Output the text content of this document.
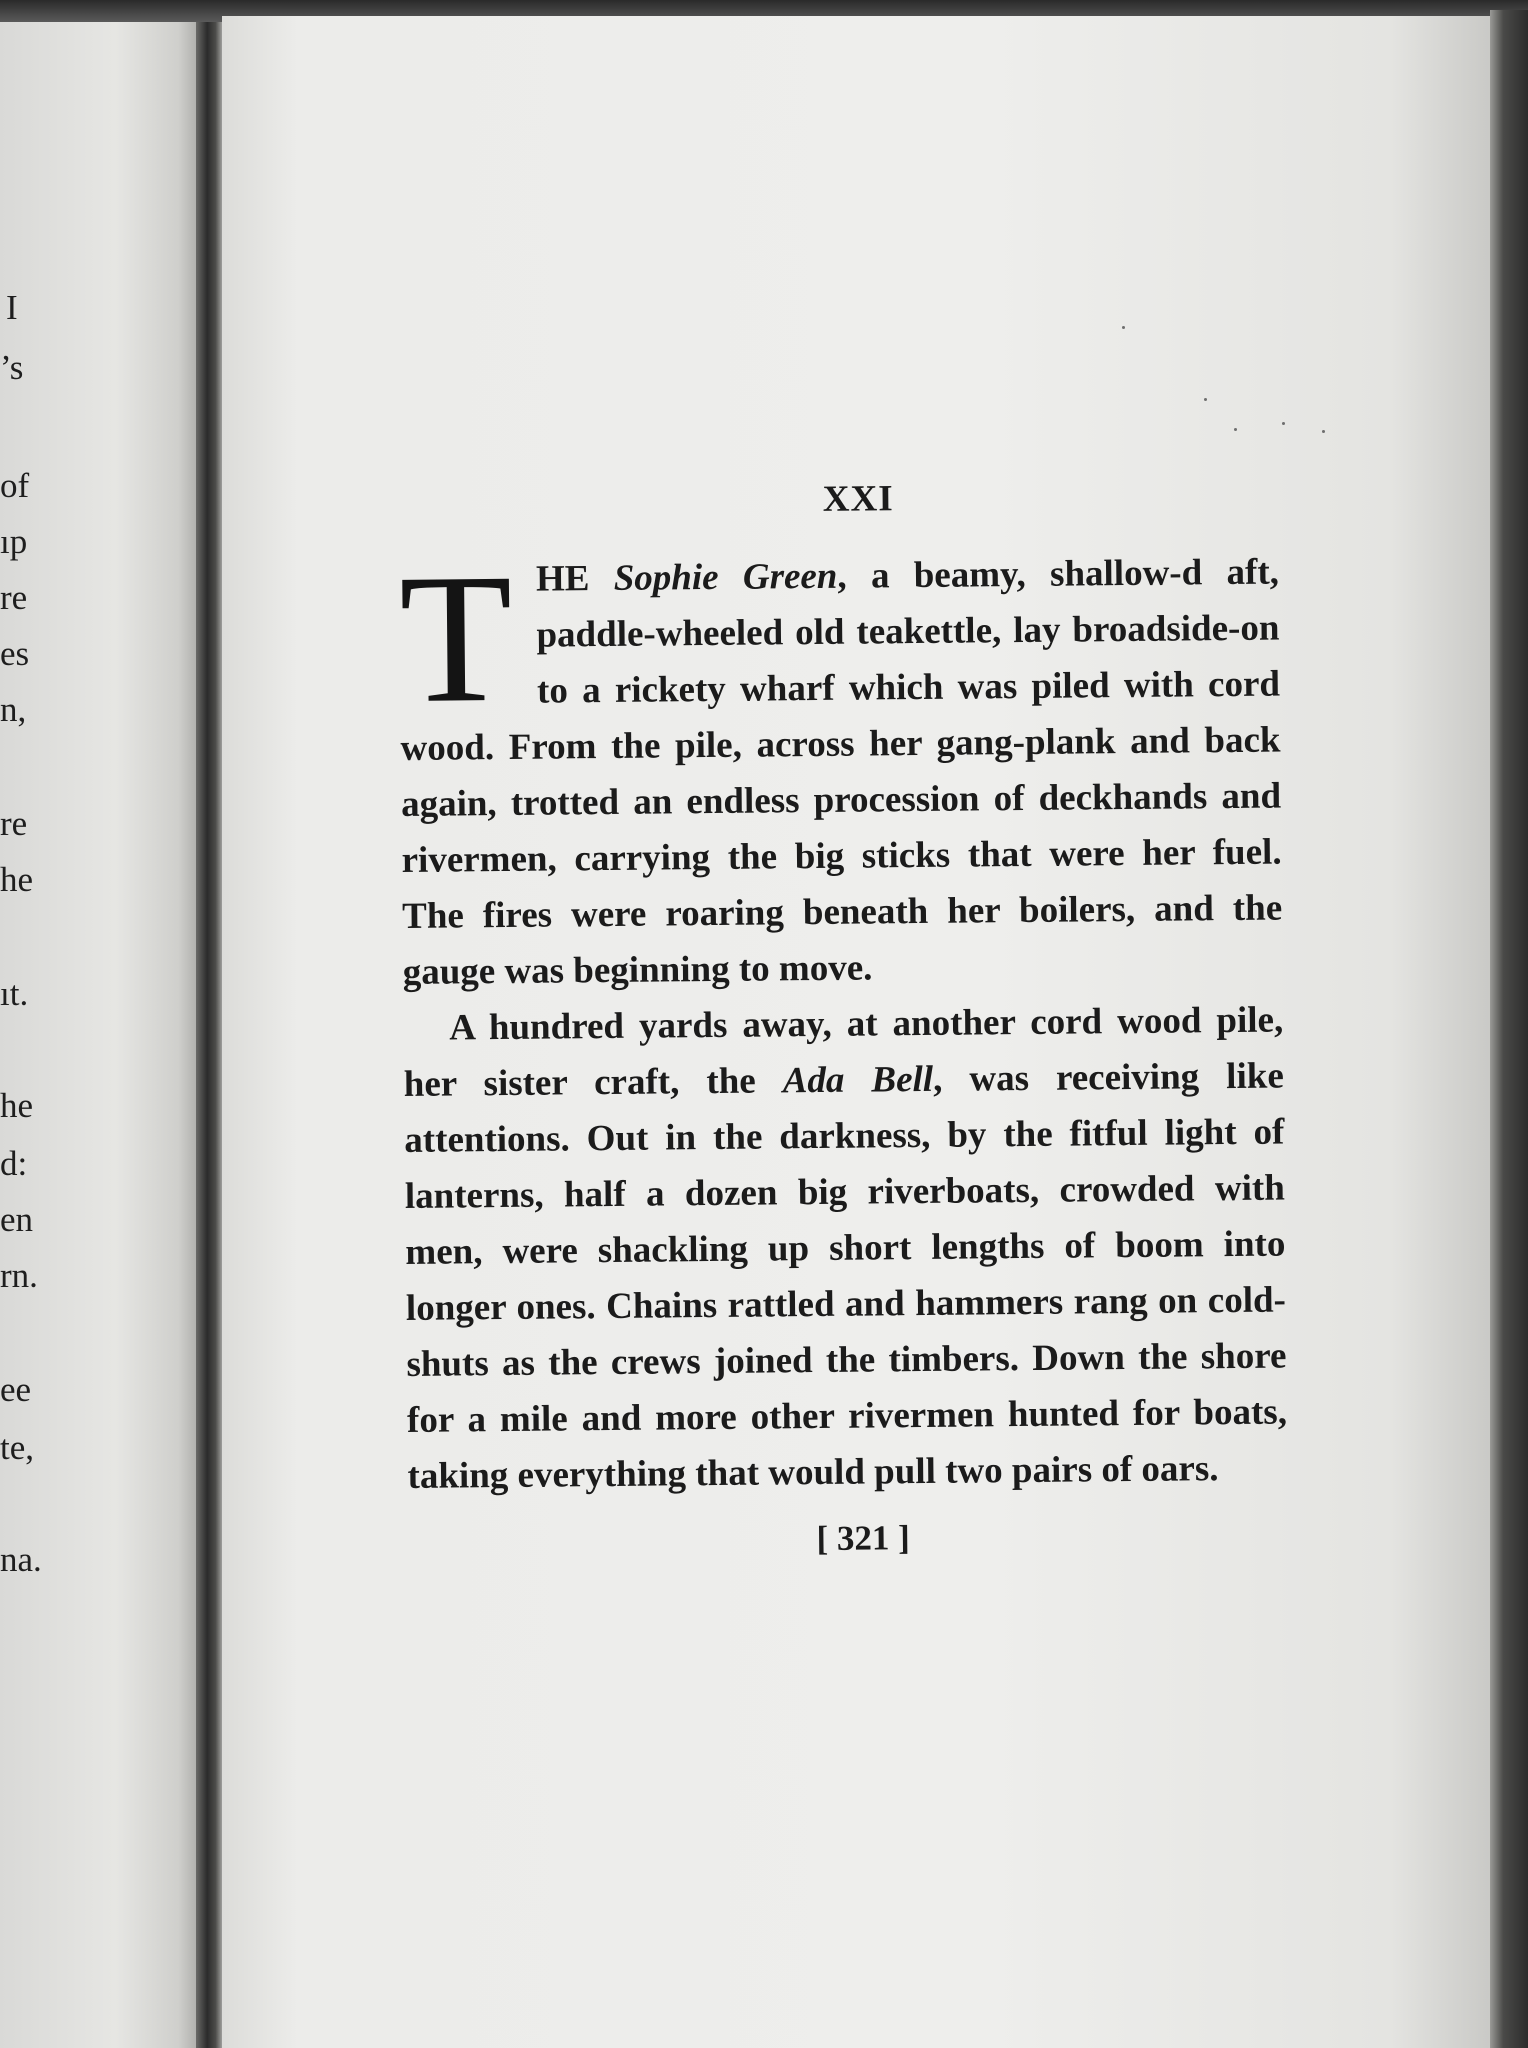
I
’s
of
ıp
re
es
n,
re
he
ıt.
he
d:
en
rn.
ee
te,
na.
XXI

THE Sophie Green, a beamy, shallow-d aft, paddle-wheeled old teakettle, lay broadside-on to a rickety wharf which was piled with cord wood. From the pile, across her gang-plank and back again, trotted an endless procession of deckhands and rivermen, carrying the big sticks that were her fuel. The fires were roaring beneath her boilers, and the gauge was beginning to move.

A hundred yards away, at another cord wood pile, her sister craft, the Ada Bell, was receiving like attentions. Out in the darkness, by the fitful light of lanterns, half a dozen big riverboats, crowded with men, were shackling up short lengths of boom into longer ones. Chains rattled and hammers rang on cold-shuts as the crews joined the timbers. Down the shore for a mile and more other rivermen hunted for boats, taking everything that would pull two pairs of oars.

[ 321 ]
